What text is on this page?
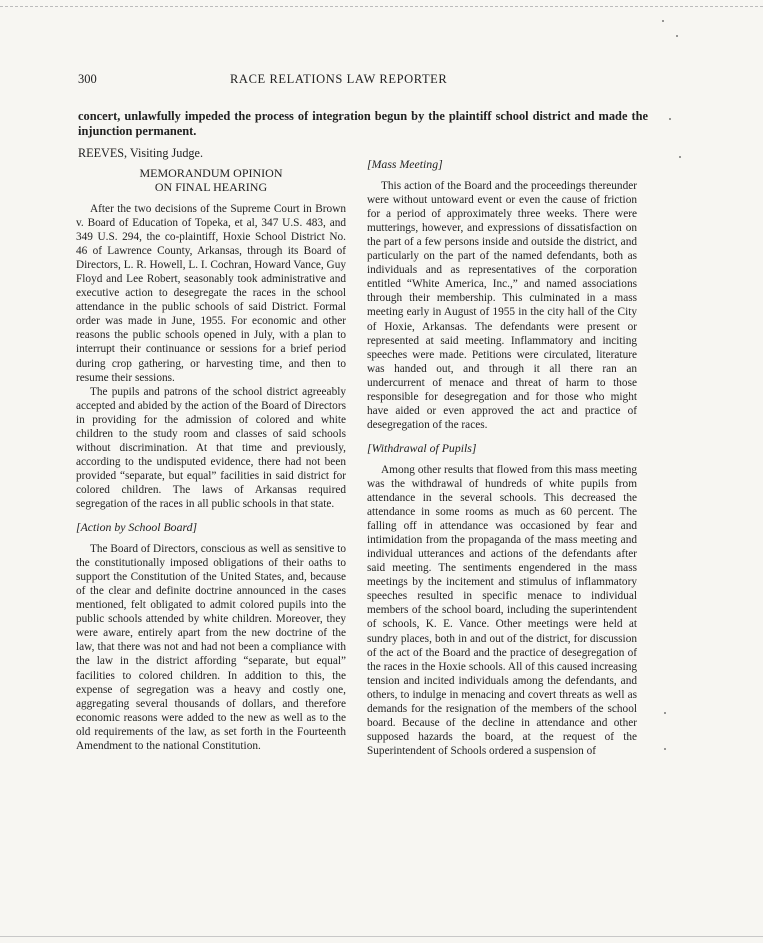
300	RACE RELATIONS LAW REPORTER
concert, unlawfully impeded the process of integration begun by the plaintiff school district and made the injunction permanent.
REEVES, Visiting Judge.
MEMORANDUM OPINION
ON FINAL HEARING

After the two decisions of the Supreme Court in Brown v. Board of Education of Topeka, et al, 347 U.S. 483, and 349 U.S. 294, the co-plaintiff, Hoxie School District No. 46 of Lawrence County, Arkansas, through its Board of Directors, L. R. Howell, L. I. Cochran, Howard Vance, Guy Floyd and Lee Robert, seasonably took administrative and executive action to desegregate the races in the school attendance in the public schools of said District. Formal order was made in June, 1955. For economic and other reasons the public schools opened in July, with a plan to interrupt their continuance or sessions for a brief period during crop gathering, or harvesting time, and then to resume their sessions.

The pupils and patrons of the school district agreeably accepted and abided by the action of the Board of Directors in providing for the admission of colored and white children to the study room and classes of said schools without discrimination. At that time and previously, according to the undisputed evidence, there had not been provided “separate, but equal” facilities in said district for colored children. The laws of Arkansas required segregation of the races in all public schools in that state.

[Action by School Board]

The Board of Directors, conscious as well as sensitive to the constitutionally imposed obligations of their oaths to support the Constitution of the United States, and, because of the clear and definite doctrine announced in the cases mentioned, felt obligated to admit colored pupils into the public schools attended by white children. Moreover, they were aware, entirely apart from the new doctrine of the law, that there was not and had not been a compliance with the law in the district affording “separate, but equal” facilities to colored children. In addition to this, the expense of segregation was a heavy and costly one, aggregating several thousands of dollars, and therefore economic reasons were added to the new as well as to the old requirements of the law, as set forth in the Fourteenth Amendment to the national Constitution.

[Mass Meeting]

This action of the Board and the proceedings thereunder were without untoward event or even the cause of friction for a period of approximately three weeks. There were mutterings, however, and expressions of dissatisfaction on the part of a few persons inside and outside the district, and particularly on the part of the named defendants, both as individuals and as representatives of the corporation entitled “White America, Inc.,” and named associations through their membership. This culminated in a mass meeting early in August of 1955 in the city hall of the City of Hoxie, Arkansas. The defendants were present or represented at said meeting. Inflammatory and inciting speeches were made. Petitions were circulated, literature was handed out, and through it all there ran an undercurrent of menace and threat of harm to those responsible for desegregation and for those who might have aided or even approved the act and practice of desegregation of the races.

[Withdrawal of Pupils]

Among other results that flowed from this mass meeting was the withdrawal of hundreds of white pupils from attendance in the several schools. This decreased the attendance in some rooms as much as 60 percent. The falling off in attendance was occasioned by fear and intimidation from the propaganda of the mass meeting and individual utterances and actions of the defendants after said meeting. The sentiments engendered in the mass meetings by the incitement and stimulus of inflammatory speeches resulted in specific menace to individual members of the school board, including the superintendent of schools, K. E. Vance. Other meetings were held at sundry places, both in and out of the district, for discussion of the act of the Board and the practice of desegregation of the races in the Hoxie schools. All of this caused increasing tension and incited individuals among the defendants, and others, to indulge in menacing and covert threats as well as demands for the resignation of the members of the school board. Because of the decline in attendance and other supposed hazards the board, at the request of the Superintendent of Schools ordered a suspension of
